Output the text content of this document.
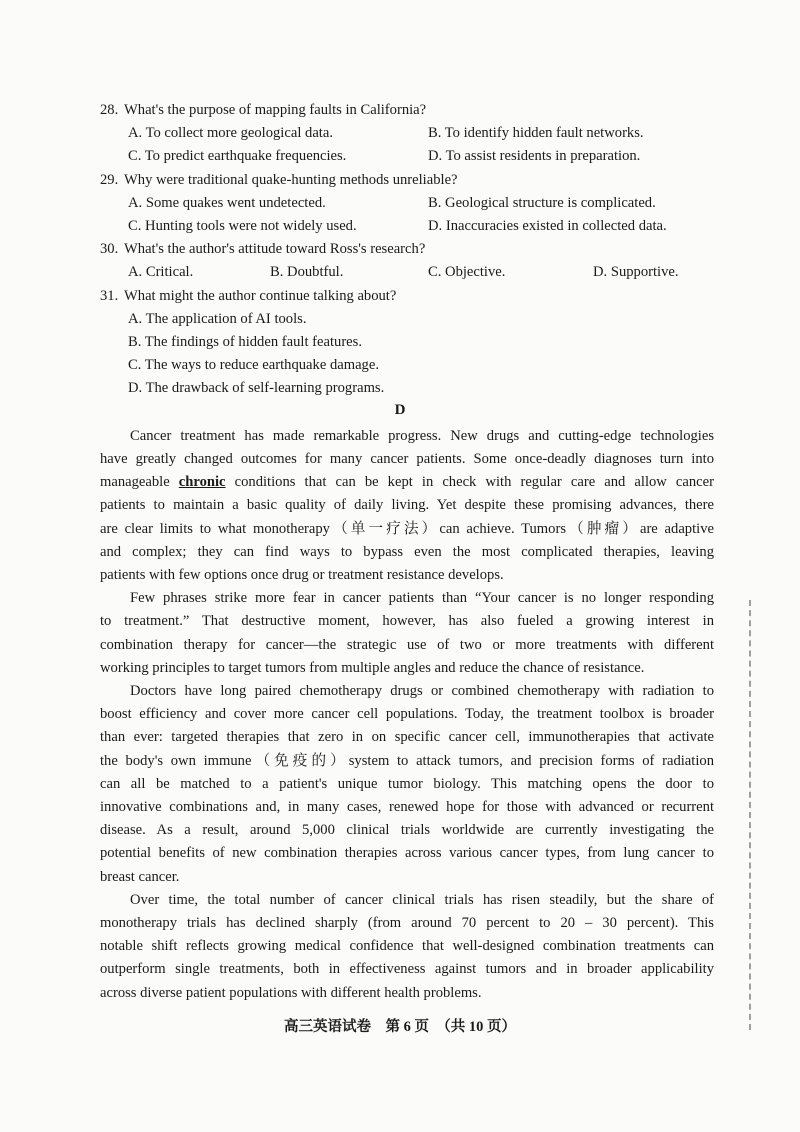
28. What's the purpose of mapping faults in California?
A. To collect more geological data.	B. To identify hidden fault networks.
C. To predict earthquake frequencies.	D. To assist residents in preparation.
29. Why were traditional quake-hunting methods unreliable?
A. Some quakes went undetected.	B. Geological structure is complicated.
C. Hunting tools were not widely used.	D. Inaccuracies existed in collected data.
30. What's the author's attitude toward Ross's research?
A. Critical.	B. Doubtful.	C. Objective.	D. Supportive.
31. What might the author continue talking about?
A. The application of AI tools.
B. The findings of hidden fault features.
C. The ways to reduce earthquake damage.
D. The drawback of self-learning programs.
D
Cancer treatment has made remarkable progress. New drugs and cutting-edge technologies
have greatly changed outcomes for many cancer patients. Some once-deadly diagnoses turn into
manageable chronic conditions that can be kept in check with regular care and allow cancer
patients to maintain a basic quality of daily living. Yet despite these promising advances, there
are clear limits to what monotherapy（单一疗法）can achieve. Tumors（肿瘤）are adaptive
and complex; they can find ways to bypass even the most complicated therapies, leaving
patients with few options once drug or treatment resistance develops.
Few phrases strike more fear in cancer patients than “Your cancer is no longer responding
to treatment.” That destructive moment, however, has also fueled a growing interest in
combination therapy for cancer—the strategic use of two or more treatments with different
working principles to target tumors from multiple angles and reduce the chance of resistance.
Doctors have long paired chemotherapy drugs or combined chemotherapy with radiation to
boost efficiency and cover more cancer cell populations. Today, the treatment toolbox is broader
than ever: targeted therapies that zero in on specific cancer cell, immunotherapies that activate
the body's own immune（免疫的）system to attack tumors, and precision forms of radiation
can all be matched to a patient's unique tumor biology. This matching opens the door to
innovative combinations and, in many cases, renewed hope for those with advanced or recurrent
disease. As a result, around 5,000 clinical trials worldwide are currently investigating the
potential benefits of new combination therapies across various cancer types, from lung cancer to
breast cancer.
Over time, the total number of cancer clinical trials has risen steadily, but the share of
monotherapy trials has declined sharply (from around 70 percent to 20 – 30 percent). This
notable shift reflects growing medical confidence that well-designed combination treatments can
outperform single treatments, both in effectiveness against tumors and in broader applicability
across diverse patient populations with different health problems.
高三英语试卷　第 6 页　（共 10 页）
